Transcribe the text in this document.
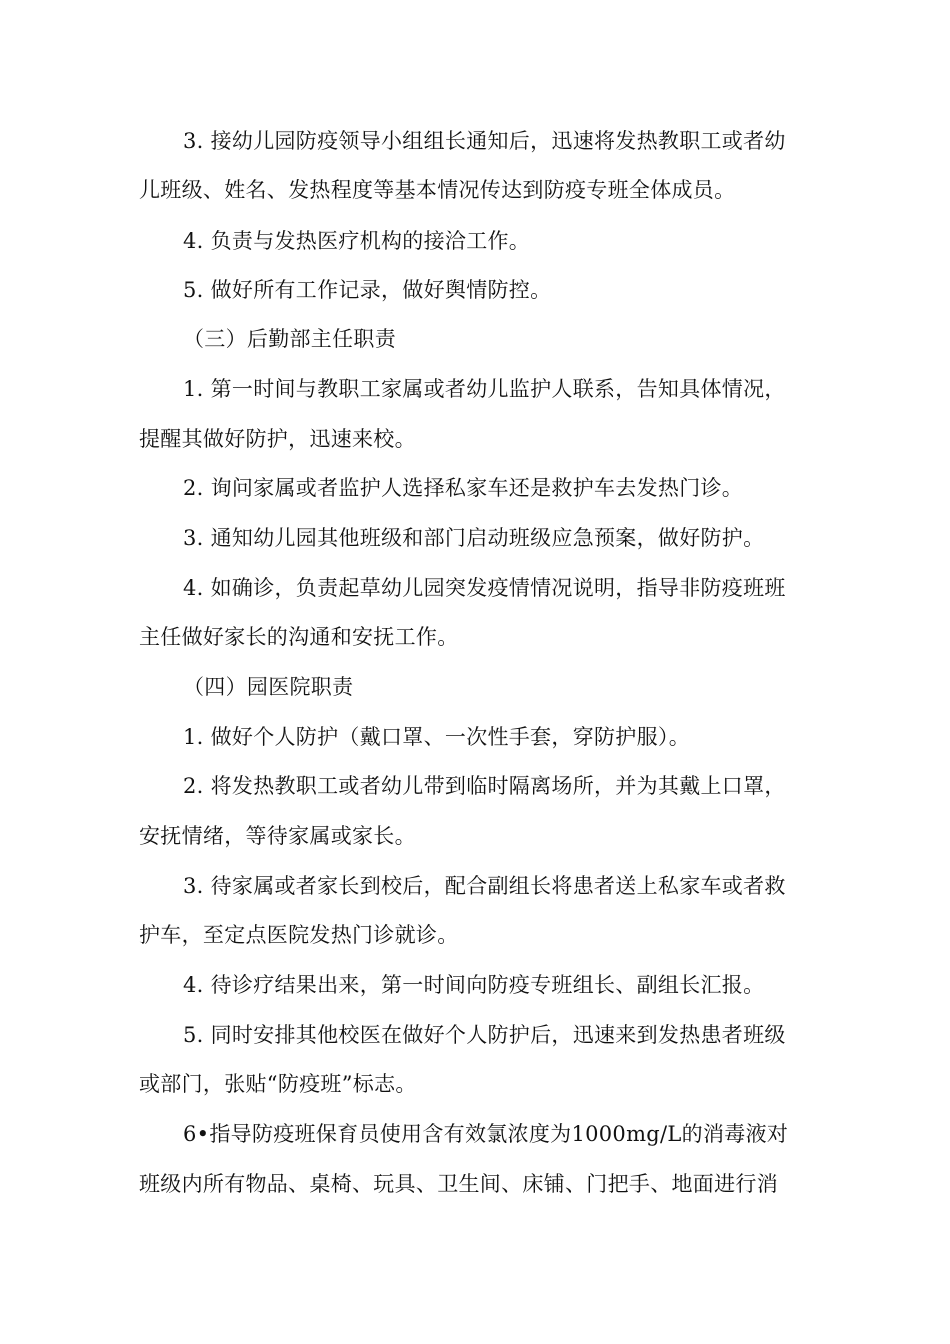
3. 接幼儿园防疫领导小组组长通知后，迅速将发热教职工或者幼
儿班级、姓名、发热程度等基本情况传达到防疫专班全体成员。
4. 负责与发热医疗机构的接洽工作。
5. 做好所有工作记录，做好舆情防控。
（三）后勤部主任职责
1. 第一时间与教职工家属或者幼儿监护人联系，告知具体情况，
提醒其做好防护，迅速来校。
2. 询问家属或者监护人选择私家车还是救护车去发热门诊。
3. 通知幼儿园其他班级和部门启动班级应急预案，做好防护。
4. 如确诊，负责起草幼儿园突发疫情情况说明，指导非防疫班班
主任做好家长的沟通和安抚工作。
（四）园医院职责
1. 做好个人防护（戴口罩、一次性手套，穿防护服）。
2. 将发热教职工或者幼儿带到临时隔离场所，并为其戴上口罩，
安抚情绪，等待家属或家长。
3. 待家属或者家长到校后，配合副组长将患者送上私家车或者救
护车，至定点医院发热门诊就诊。
4. 待诊疗结果出来，第一时间向防疫专班组长、副组长汇报。
5. 同时安排其他校医在做好个人防护后，迅速来到发热患者班级
或部门，张贴“防疫班”标志。
6•指导防疫班保育员使用含有效氯浓度为1000mg/L的消毒液对
班级内所有物品、桌椅、玩具、卫生间、床铺、门把手、地面进行消
